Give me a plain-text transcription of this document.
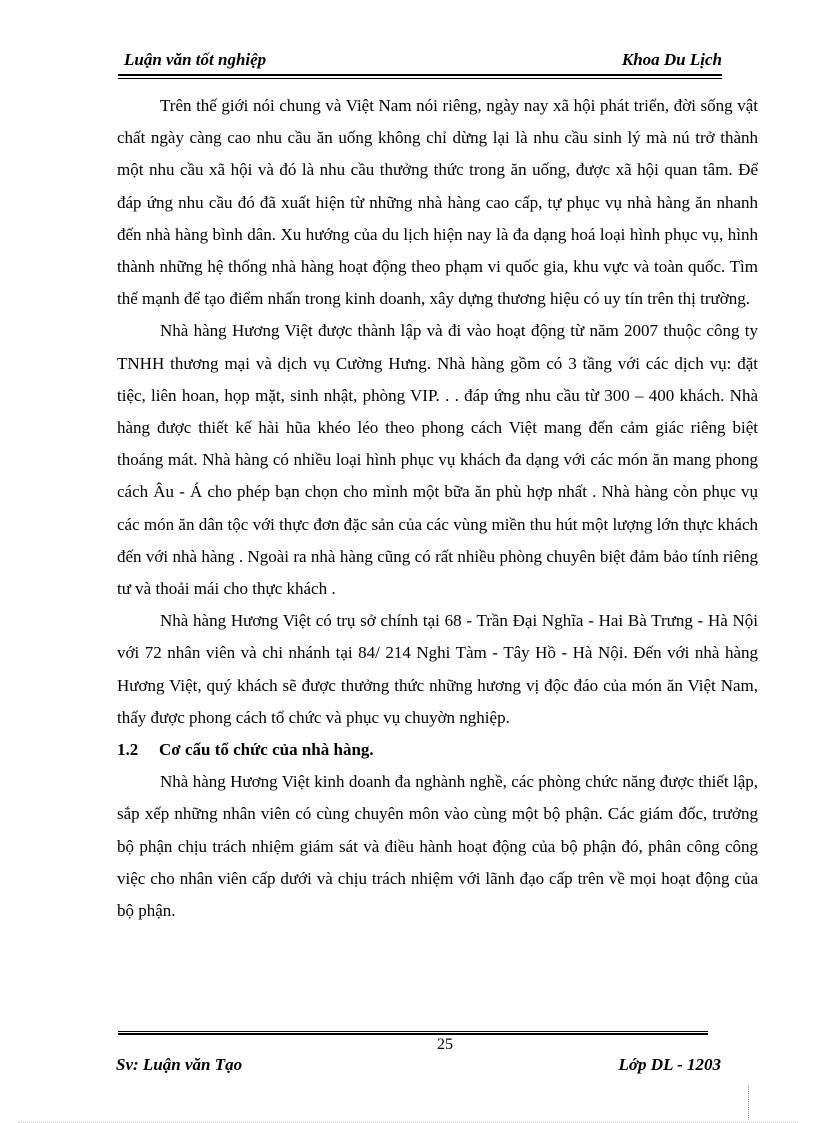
Luận văn tốt nghiệp	Khoa Du Lịch

Trên thế giới nói chung và Việt Nam nói riêng, ngày nay xã hội phát triển, đời sống vật chất ngày càng cao nhu cầu ăn uống không chỉ dừng lại là nhu cầu sinh lý mà nú trở thành một nhu cầu xã hội và đó là nhu cầu thưởng thức trong ăn uống, được xã hội quan tâm. Để đáp ứng nhu cầu đó đã xuất hiện từ những nhà hàng cao cấp, tự phục vụ nhà hàng ăn nhanh đến nhà hàng bình dân. Xu hướng của du lịch hiện nay là đa dạng hoá loại hình phục vụ, hình thành những hệ thống nhà hàng hoạt động theo phạm vi quốc gia, khu vực và toàn quốc. Tìm thế mạnh để tạo điểm nhấn trong kinh doanh, xây dựng thương hiệu có uy tín trên thị trường.

Nhà hàng Hương Việt được thành lập và đi vào hoạt động từ năm 2007 thuộc công ty TNHH thương mại và dịch vụ Cường Hưng. Nhà hàng gồm có 3 tầng với các dịch vụ: đặt tiệc, liên hoan, họp mặt, sinh nhật, phòng VIP. . . đáp ứng nhu cầu từ 300 – 400 khách. Nhà hàng được thiết kế hài hũa khéo léo theo phong cách Việt mang đến cảm giác riêng biệt thoáng mát. Nhà hàng có nhiều loại hình phục vụ khách đa dạng với các món ăn mang phong cách Âu - Á cho phép bạn chọn cho mình một bữa ăn phù hợp nhất . Nhà hàng còn phục vụ các món ăn dân tộc với thực đơn đặc sản của các vùng miền thu hút một lượng lớn thực khách đến với nhà hàng . Ngoài ra nhà hàng cũng có rất nhiều phòng chuyên biệt đảm bảo tính riêng tư và thoải mái cho thực khách .

Nhà hàng Hương Việt có trụ sở chính tại 68 - Trần Đại Nghĩa - Hai Bà Trưng - Hà Nội với 72 nhân viên và chi nhánh tại 84/ 214 Nghi Tàm - Tây Hồ - Hà Nội. Đến với nhà hàng Hương Việt, quý khách sẽ được thưởng thức những hương vị độc đáo của món ăn Việt Nam, thấy được phong cách tổ chức và phục vụ chuyờn nghiệp.

1.2	Cơ cấu tổ chức của nhà hàng.

Nhà hàng Hương Việt kinh doanh đa nghành nghề, các phòng chức năng được thiết lập, sắp xếp những nhân viên có cùng chuyên môn vào cùng một bộ phận. Các giám đốc, trưởng bộ phận chịu trách nhiệm giám sát và điều hành hoạt động của bộ phận đó, phân công công việc cho nhân viên cấp dưới và chịu trách nhiệm với lãnh đạo cấp trên về mọi hoạt động của bộ phận.

25
Sv: Luận văn Tạo	Lớp DL - 1203
